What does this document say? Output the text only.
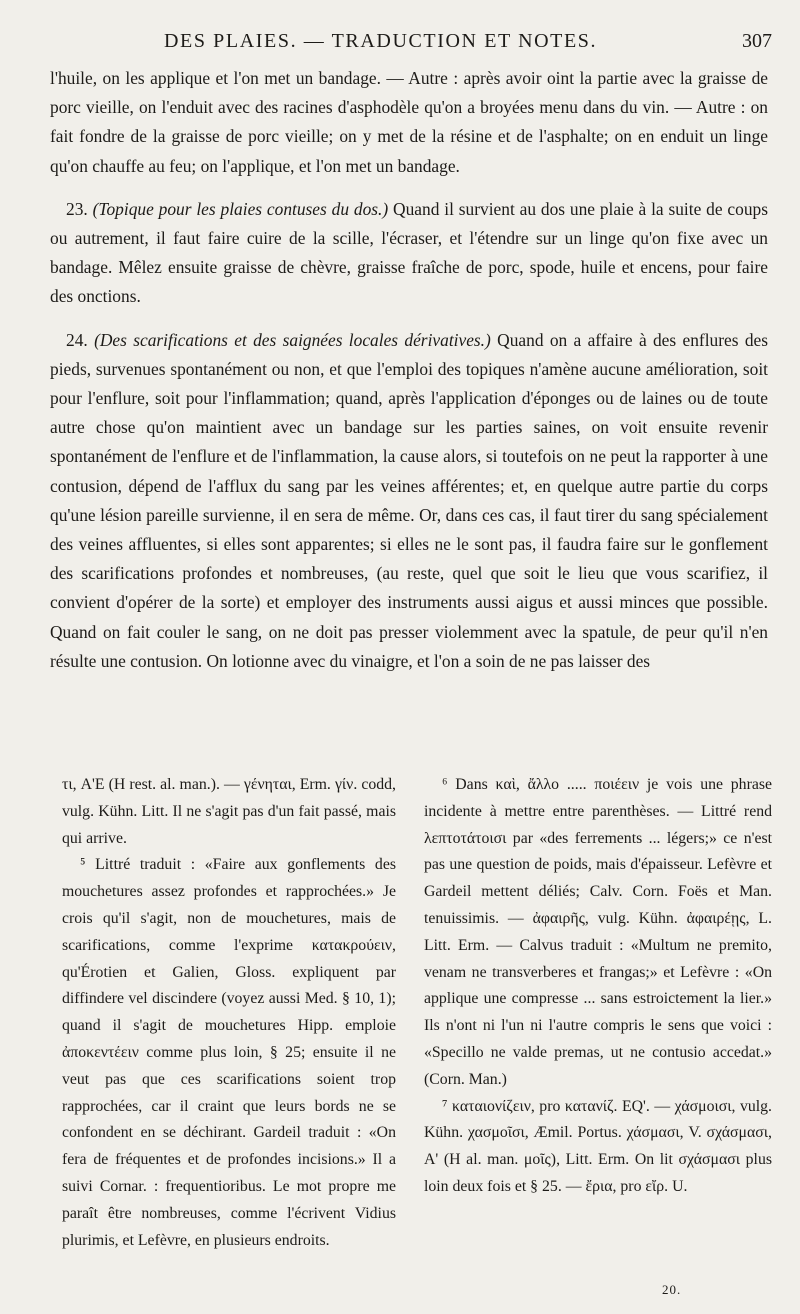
DES PLAIES. — TRADUCTION ET NOTES.	307

l'huile, on les applique et l'on met un bandage. — Autre : après avoir oint la partie avec la graisse de porc vieille, on l'enduit avec des racines d'asphodèle qu'on a broyées menu dans du vin. — Autre : on fait fondre de la graisse de porc vieille; on y met de la résine et de l'asphalte; on en enduit un linge qu'on chauffe au feu; on l'applique, et l'on met un bandage.

23. (Topique pour les plaies contuses du dos.) Quand il survient au dos une plaie à la suite de coups ou autrement, il faut faire cuire de la scille, l'écraser, et l'étendre sur un linge qu'on fixe avec un bandage. Mêlez ensuite graisse de chèvre, graisse fraîche de porc, spode, huile et encens, pour faire des onctions.

24. (Des scarifications et des saignées locales dérivatives.) Quand on a affaire à des enflures des pieds, survenues spontanément ou non, et que l'emploi des topiques n'amène aucune amélioration, soit pour l'enflure, soit pour l'inflammation; quand, après l'application d'éponges ou de laines ou de toute autre chose qu'on maintient avec un bandage sur les parties saines, on voit ensuite revenir spontanément de l'enflure et de l'inflammation, la cause alors, si toutefois on ne peut la rapporter à une contusion, dépend de l'afflux du sang par les veines afférentes; et, en quelque autre partie du corps qu'une lésion pareille survienne, il en sera de même. Or, dans ces cas, il faut tirer du sang spécialement des veines affluentes, si elles sont apparentes; si elles ne le sont pas, il faudra faire sur le gonflement des scarifications profondes et nombreuses, (au reste, quel que soit le lieu que vous scarifiez, il convient d'opérer de la sorte) et employer des instruments aussi aigus et aussi minces que possible. Quand on fait couler le sang, on ne doit pas presser violemment avec la spatule, de peur qu'il n'en résulte une contusion. On lotionne avec du vinaigre, et l'on a soin de ne pas laisser des

τι, A'E (H rest. al. man.). — γένηται, Erm. γίν. codd, vulg. Kühn. Litt. Il ne s'agit pas d'un fait passé, mais qui arrive.

⁵ Littré traduit : «Faire aux gonflements des mouchetures assez profondes et rapprochées.» Je crois qu'il s'agit, non de mouchetures, mais de scarifications, comme l'exprime κατακρούειν, qu'Érotien et Galien, Gloss. expliquent par diffindere vel discindere (voyez aussi Med. § 10, 1); quand il s'agit de mouchetures Hipp. emploie ἀποκεντέειν comme plus loin, § 25; ensuite il ne veut pas que ces scarifications soient trop rapprochées, car il craint que leurs bords ne se confondent en se déchirant. Gardeil traduit : «On fera de fréquentes et de profondes incisions.» Il a suivi Cornar. : frequentioribus. Le mot propre me paraît être nombreuses, comme l'écrivent Vidius plurimis, et Lefèvre, en plusieurs endroits.

⁶ Dans καὶ, ἄλλο ..... ποιέειν je vois une phrase incidente à mettre entre parenthèses. — Littré rend λεπτοτάτοισι par «des ferrements ... légers;» ce n'est pas une question de poids, mais d'épaisseur. Lefèvre et Gardeil mettent déliés; Calv. Corn. Foës et Man. tenuissimis. — ἀφαιρῆς, vulg. Kühn. ἀφαιρέῃς, L. Litt. Erm. — Calvus traduit : «Multum ne premito, venam ne transverberes et frangas;» et Lefèvre : «On applique une compresse ... sans estroictement la lier.» Ils n'ont ni l'un ni l'autre compris le sens que voici : «Specillo ne valde premas, ut ne contusio accedat.» (Corn. Man.)

⁷ καταιονίζειν, pro κατανίζ. EQ'. — χάσμοισι, vulg. Kühn. χασμοῖσι, Æmil. Portus. χάσμασι, V. σχάσμασι, A' (H al. man. μοῖς), Litt. Erm. On lit σχάσμασι plus loin deux fois et § 25. — ἔρια, pro εἴρ. U.

20.
